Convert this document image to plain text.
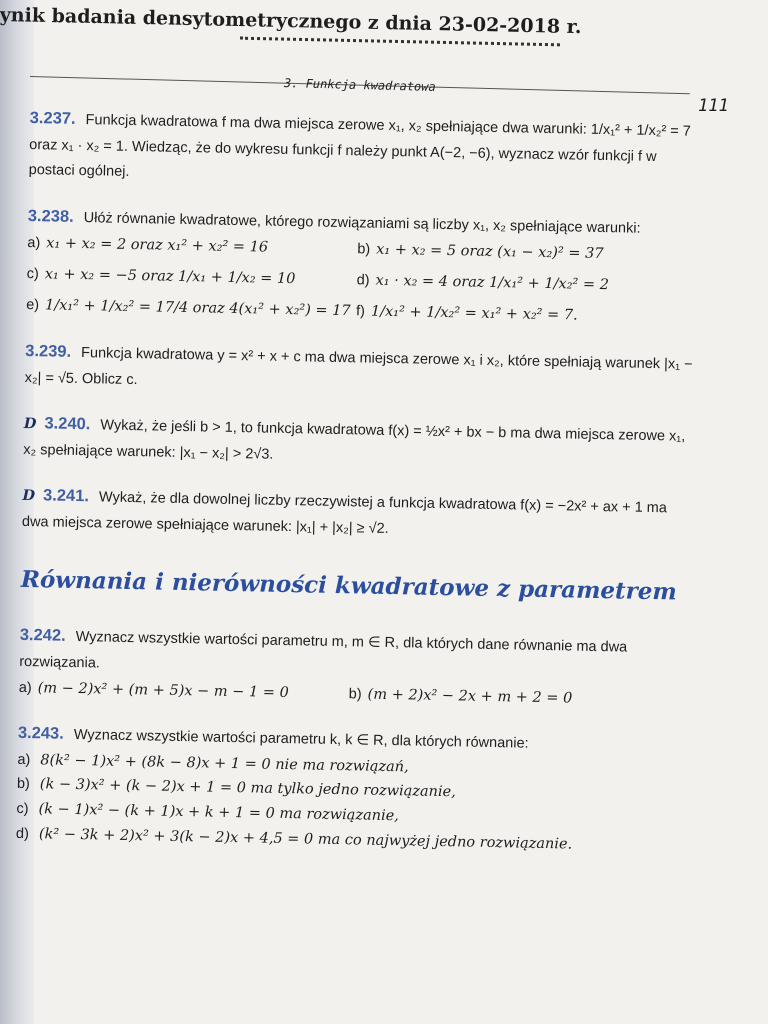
ynik badania densytometrycznego z dnia 23-02-2018 r.
3. Funkcja kwadratowa
111
3.237. Funkcja kwadratowa f ma dwa miejsca zerowe x₁, x₂ spełniające dwa warunki: 1/x₁² + 1/x₂² = 7 oraz x₁ · x₂ = 1. Wiedząc, że do wykresu funkcji f należy punkt A(−2, −6), wyznacz wzór funkcji f w postaci ogólnej.
3.238. Ułóż równanie kwadratowe, którego rozwiązaniami są liczby x₁, x₂ spełniające warunki:
a) x₁ + x₂ = 2 oraz x₁² + x₂² = 16	b) x₁ + x₂ = 5 oraz (x₁ − x₂)² = 37
c) x₁ + x₂ = −5 oraz 1/x₁ + 1/x₂ = 10	d) x₁ · x₂ = 4 oraz 1/x₁² + 1/x₂² = 2
e) 1/x₁² + 1/x₂² = 17/4 oraz 4(x₁² + x₂²) = 17 f) 1/x₁² + 1/x₂² = x₁² + x₂² = 7.
3.239. Funkcja kwadratowa y = x² + x + c ma dwa miejsca zerowe x₁ i x₂, które spełniają warunek |x₁ − x₂| = √5. Oblicz c.
D 3.240. Wykaż, że jeśli b > 1, to funkcja kwadratowa f(x) = ½x² + bx − b ma dwa miejsca zerowe x₁, x₂ spełniające warunek: |x₁ − x₂| > 2√3.
D 3.241. Wykaż, że dla dowolnej liczby rzeczywistej a funkcja kwadratowa f(x) = −2x² + ax + 1 ma dwa miejsca zerowe spełniające warunek: |x₁| + |x₂| ≥ √2.
Równania i nierówności kwadratowe z parametrem
3.242. Wyznacz wszystkie wartości parametru m, m ∈ R, dla których dane równanie ma dwa rozwiązania.
a) (m − 2)x² + (m + 5)x − m − 1 = 0	b) (m + 2)x² − 2x + m + 2 = 0
3.243. Wyznacz wszystkie wartości parametru k, k ∈ R, dla których równanie:
a) 8(k² − 1)x² + (8k − 8)x + 1 = 0 nie ma rozwiązań,
b) (k − 3)x² + (k − 2)x + 1 = 0 ma tylko jedno rozwiązanie,
c) (k − 1)x² − (k + 1)x + k + 1 = 0 ma rozwiązanie,
d) (k² − 3k + 2)x² + 3(k − 2)x + 4,5 = 0 ma co najwyżej jedno rozwiązanie.
